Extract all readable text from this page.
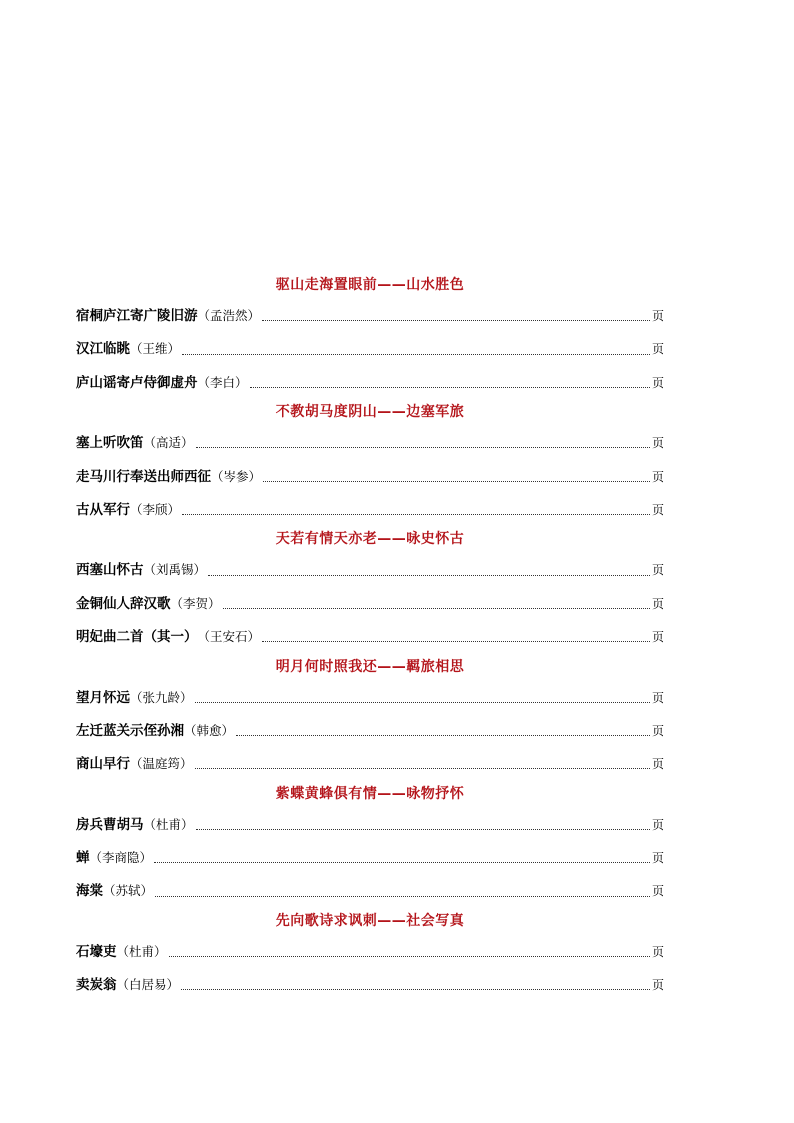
驱山走海置眼前——山水胜色
宿桐庐江寄广陵旧游 （孟浩然）	页
汉江临眺 （王维）	页
庐山谣寄卢侍御虚舟 （李白）	页
不教胡马度阴山——边塞军旅
塞上听吹笛 （高适）	页
走马川行奉送出师西征 （岑参）	页
古从军行 （李颀）	页
天若有情天亦老——咏史怀古
西塞山怀古 （刘禹锡）	页
金铜仙人辞汉歌 （李贺）	页
明妃曲二首（其一） （王安石）	页
明月何时照我还——羁旅相思
望月怀远 （张九龄）	页
左迁蓝关示侄孙湘 （韩愈）	页
商山早行 （温庭筠）	页
紫蝶黄蜂俱有情——咏物抒怀
房兵曹胡马 （杜甫）	页
蝉 （李商隐）	页
海棠 （苏轼）	页
先向歌诗求讽刺——社会写真
石壕吏 （杜甫）	页
卖炭翁 （白居易）	页
